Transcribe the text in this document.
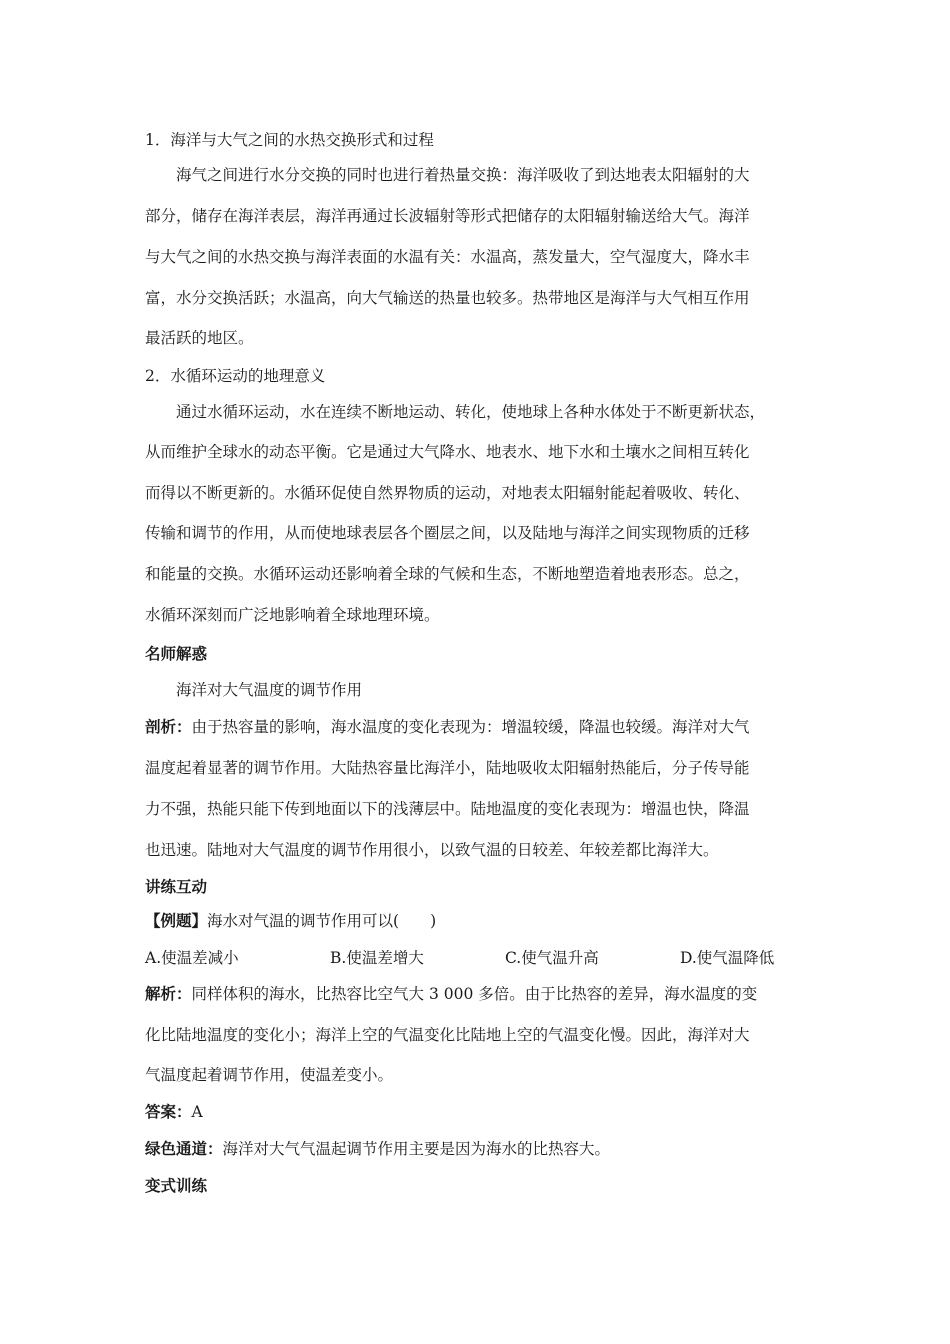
1．海洋与大气之间的水热交换形式和过程
海气之间进行水分交换的同时也进行着热量交换：海洋吸收了到达地表太阳辐射的大
部分，储存在海洋表层，海洋再通过长波辐射等形式把储存的太阳辐射输送给大气。海洋
与大气之间的水热交换与海洋表面的水温有关：水温高，蒸发量大，空气湿度大，降水丰
富，水分交换活跃；水温高，向大气输送的热量也较多。热带地区是海洋与大气相互作用
最活跃的地区。
2．水循环运动的地理意义
通过水循环运动，水在连续不断地运动、转化，使地球上各种水体处于不断更新状态，
从而维护全球水的动态平衡。它是通过大气降水、地表水、地下水和土壤水之间相互转化
而得以不断更新的。水循环促使自然界物质的运动，对地表太阳辐射能起着吸收、转化、
传输和调节的作用，从而使地球表层各个圈层之间，以及陆地与海洋之间实现物质的迁移
和能量的交换。水循环运动还影响着全球的气候和生态，不断地塑造着地表形态。总之，
水循环深刻而广泛地影响着全球地理环境。
名师解惑
海洋对大气温度的调节作用
剖析：由于热容量的影响，海水温度的变化表现为：增温较缓，降温也较缓。海洋对大气
温度起着显著的调节作用。大陆热容量比海洋小，陆地吸收太阳辐射热能后，分子传导能
力不强，热能只能下传到地面以下的浅薄层中。陆地温度的变化表现为：增温也快，降温
也迅速。陆地对大气温度的调节作用很小，以致气温的日较差、年较差都比海洋大。
讲练互动
【例题】海水对气温的调节作用可以(　　)
A.使温差减小	B.使温差增大	C.使气温升高	D.使气温降低
解析：同样体积的海水，比热容比空气大 3 000 多倍。由于比热容的差异，海水温度的变
化比陆地温度的变化小；海洋上空的气温变化比陆地上空的气温变化慢。因此，海洋对大
气温度起着调节作用，使温差变小。
答案：A
绿色通道：海洋对大气气温起调节作用主要是因为海水的比热容大。
变式训练
